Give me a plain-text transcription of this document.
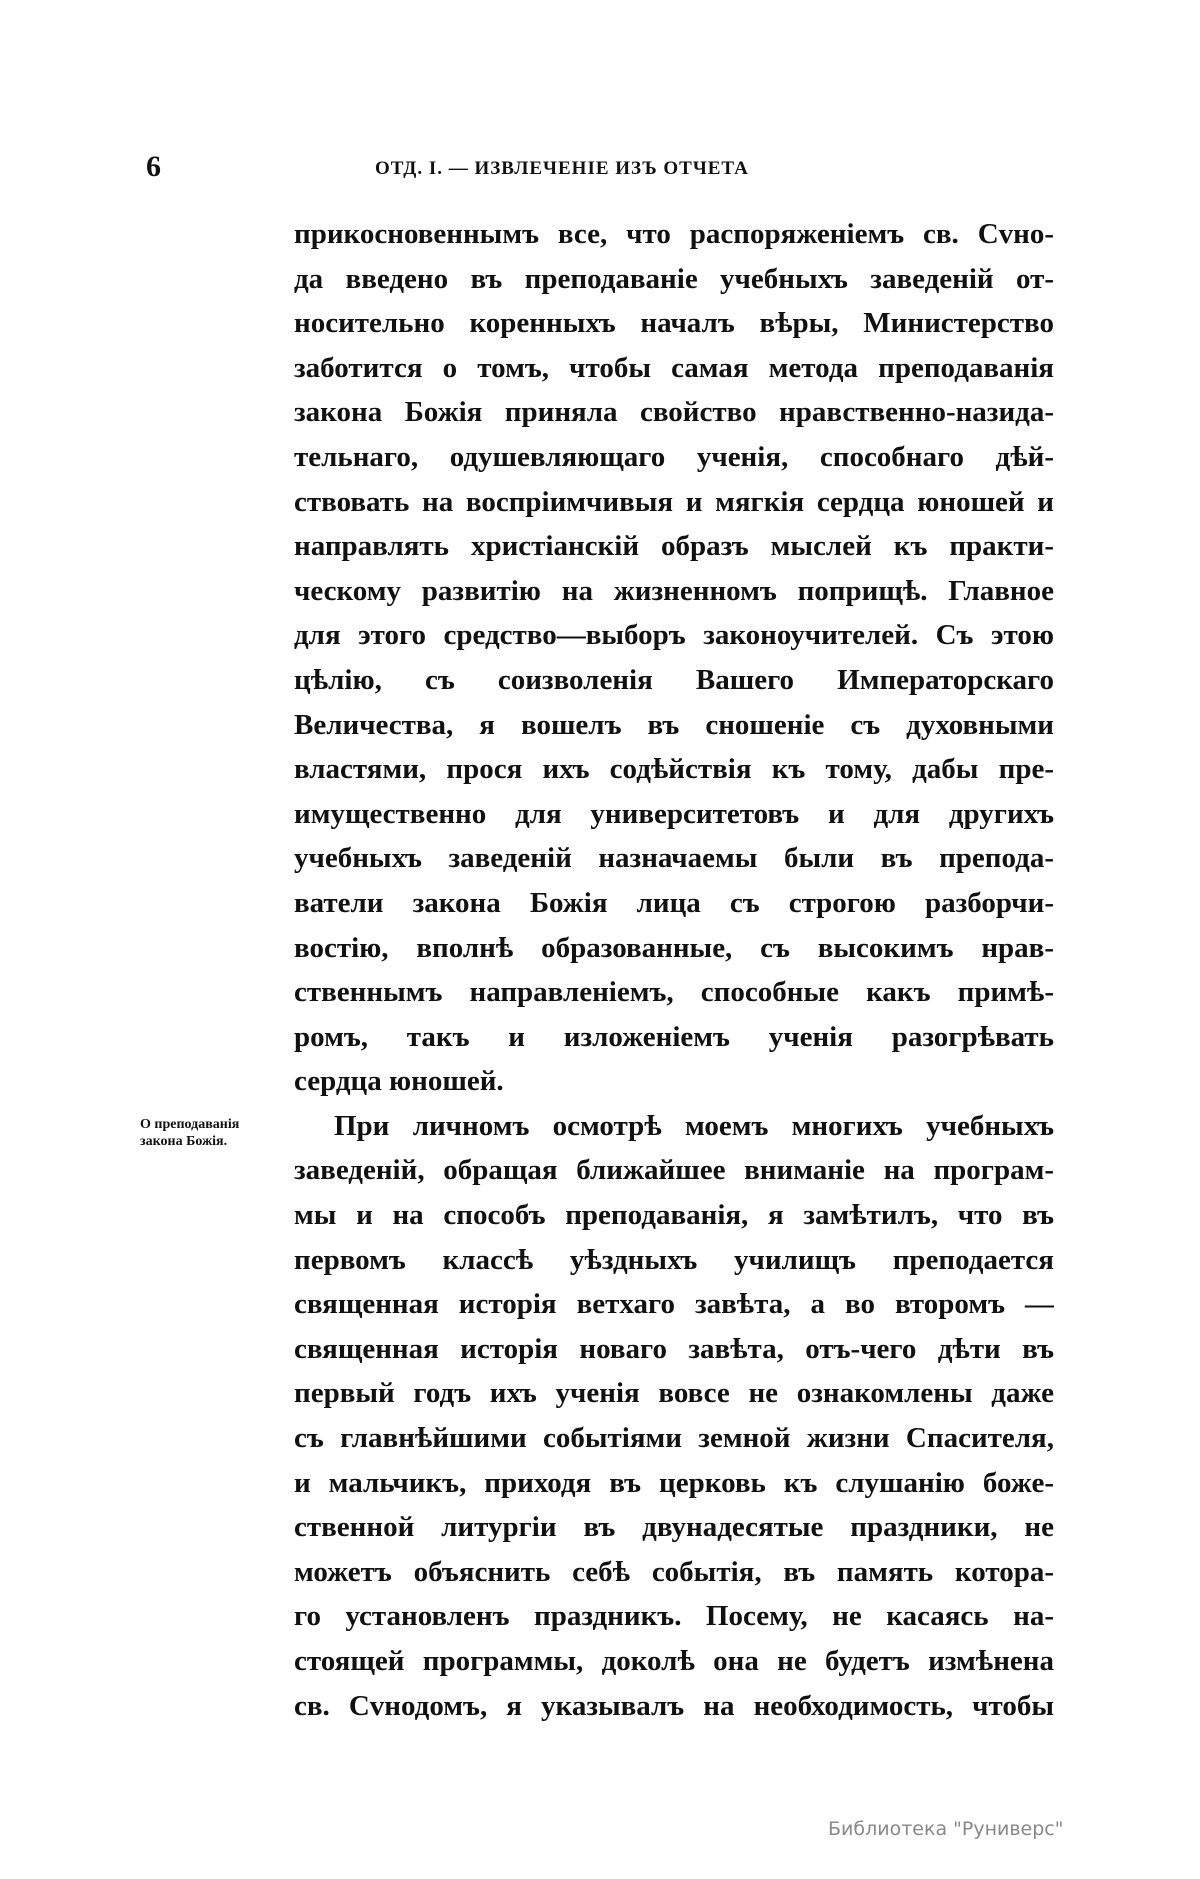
6	ОТД. I. — ИЗВЛЕЧЕНІЕ ИЗЪ ОТЧЕТА
О преподаванія
закона Божія.
прикосновеннымъ все, что распоряженіемъ св. Сvно-
да введено въ преподаваніе учебныхъ заведеній от-
носительно коренныхъ началъ вѣры, Министерство
заботится о томъ, чтобы самая метода преподаванія
закона Божія приняла свойство нравственно-назида-
тельнаго, одушевляющаго ученія, способнаго дѣй-
ствовать на воспріимчивыя и мягкія сердца юношей и
направлять христіанскій образъ мыслей къ практи-
ческому развитію на жизненномъ поприщѣ. Главное
для этого средство—выборъ законоучителей. Съ этою
цѣлію, съ соизволенія Вашего Императорскаго
Величества, я вошелъ въ сношеніе съ духовными
властями, прося ихъ содѣйствія къ тому, дабы пре-
имущественно для университетовъ и для другихъ
учебныхъ заведеній назначаемы были въ препода-
ватели закона Божія лица съ строгою разборчи-
востію, вполнѣ образованные, съ высокимъ нрав-
ственнымъ направленіемъ, способные какъ примѣ-
ромъ, такъ и изложеніемъ ученія разогрѣвать
сердца юношей.
При личномъ осмотрѣ моемъ многихъ учебныхъ
заведеній, обращая ближайшее вниманіе на програм-
мы и на способъ преподаванія, я замѣтилъ, что въ
первомъ классѣ уѣздныхъ училищъ преподается
священная исторія ветхаго завѣта, а во второмъ —
священная исторія новаго завѣта, отъ-чего дѣти въ
первый годъ ихъ ученія вовсе не ознакомлены даже
съ главнѣйшими событіями земной жизни Спасителя,
и мальчикъ, приходя въ церковь къ слушанію боже-
ственной литургіи въ двунадесятые праздники, не
можетъ объяснить себѣ событія, въ память котора-
го установленъ праздникъ. Посему, не касаясь на-
стоящей программы, доколѣ она не будетъ измѣнена
св. Сvнодомъ, я указывалъ на необходимость, чтобы
Библиотека "Руниверс"
